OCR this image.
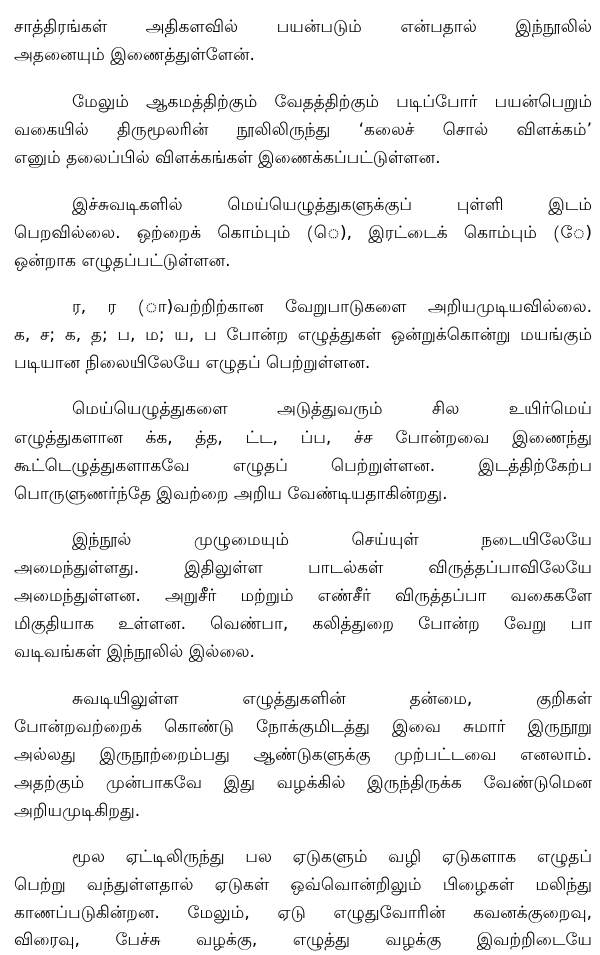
சாத்திரங்கள் அதிகளவில் பயன்படும் என்பதால் இந்நூலில்
அதனையும் இணைத்துள்ளேன்.
மேலும் ஆகமத்திற்கும் வேதத்திற்கும் படிப்போர் பயன்பெறும்
வகையில் திருமூலரின் நூலிலிருந்து ‘கலைச் சொல் விளக்கம்’
எனும் தலைப்பில் விளக்கங்கள் இணைக்கப்பட்டுள்ளன.
இச்சுவடிகளில் மெய்யெழுத்துகளுக்குப் புள்ளி இடம்
பெறவில்லை. ஒற்றைக் கொம்பும் (ெ), இரட்டைக் கொம்பும் (ே)
ஒன்றாக எழுதப்பட்டுள்ளன.
ர, ர (ா)வற்றிற்கான வேறுபாடுகளை அறியமுடியவில்லை.
க, ச; க, த; ப, ம; ய, ப போன்ற எழுத்துகள் ஒன்றுக்கொன்று மயங்கும்
படியான நிலையிலேயே எழுதப் பெற்றுள்ளன.
மெய்யெழுத்துகளை அடுத்துவரும் சில உயிர்மெய்
எழுத்துகளான க்க, த்த, ட்ட, ப்ப, ச்ச போன்றவை இணைந்து
கூட்டெழுத்துகளாகவே எழுதப் பெற்றுள்ளன. இடத்திற்கேற்ப
பொருளுணர்ந்தே இவற்றை அறிய வேண்டியதாகின்றது.
இந்நூல் முழுமையும் செய்யுள் நடையிலேயே
அமைந்துள்ளது. இதிலுள்ள பாடல்கள் விருத்தப்பாவிலேயே
அமைந்துள்ளன. அறுசீர் மற்றும் எண்சீர் விருத்தப்பா வகைகளே
மிகுதியாக உள்ளன. வெண்பா, கலித்துறை போன்ற வேறு பா
வடிவங்கள் இந்நூலில் இல்லை.
சுவடியிலுள்ள எழுத்துகளின் தன்மை, குறிகள்
போன்றவற்றைக் கொண்டு நோக்குமிடத்து இவை சுமார் இருநூறு
அல்லது இருநூற்றைம்பது ஆண்டுகளுக்கு முற்பட்டவை எனலாம்.
அதற்கும் முன்பாகவே இது வழக்கில் இருந்திருக்க வேண்டுமென
அறியமுடிகிறது.
மூல ஏட்டிலிருந்து பல ஏடுகளும் வழி ஏடுகளாக எழுதப்
பெற்று வந்துள்ளதால் ஏடுகள் ஒவ்வொன்றிலும் பிழைகள் மலிந்து
காணப்படுகின்றன. மேலும், ஏடு எழுதுவோரின் கவனக்குறைவு,
விரைவு, பேச்சு வழக்கு, எழுத்து வழக்கு இவற்றிடையே
